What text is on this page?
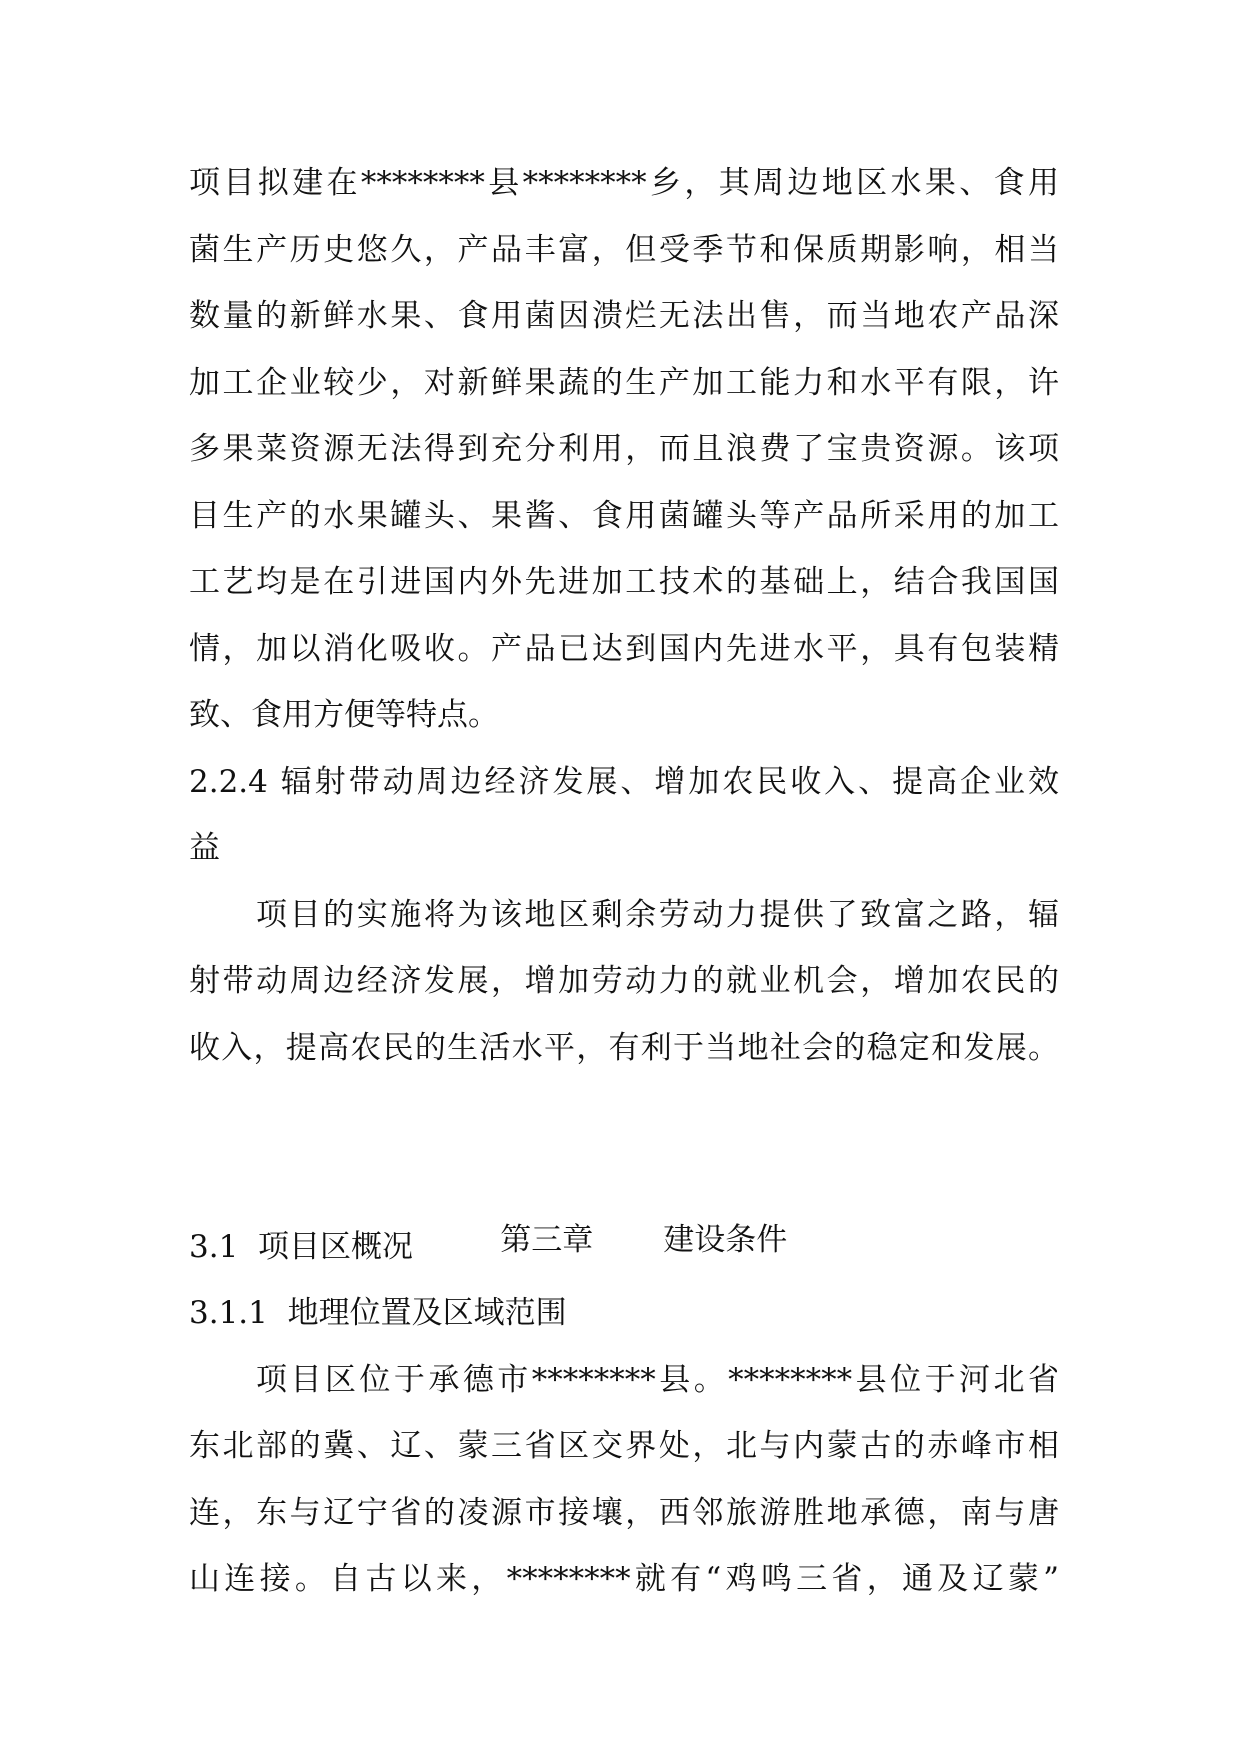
项目拟建在********县********乡，其周边地区水果、食用
菌生产历史悠久，产品丰富，但受季节和保质期影响，相当
数量的新鲜水果、食用菌因溃烂无法出售，而当地农产品深
加工企业较少，对新鲜果蔬的生产加工能力和水平有限，许
多果菜资源无法得到充分利用，而且浪费了宝贵资源。该项
目生产的水果罐头、果酱、食用菌罐头等产品所采用的加工
工艺均是在引进国内外先进加工技术的基础上，结合我国国
情，加以消化吸收。产品已达到国内先进水平，具有包装精
致、食用方便等特点。
2.2.4 辐射带动周边经济发展、增加农民收入、提高企业效
益
项目的实施将为该地区剩余劳动力提供了致富之路，辐
射带动周边经济发展，增加劳动力的就业机会，增加农民的
收入，提高农民的生活水平，有利于当地社会的稳定和发展。

第三章 建设条件

3.1  项目区概况
3.1.1  地理位置及区域范围
项目区位于承德市********县。********县位于河北省
东北部的冀、辽、蒙三省区交界处，北与内蒙古的赤峰市相
连，东与辽宁省的凌源市接壤，西邻旅游胜地承德，南与唐
山连接。自古以来，********就有“鸡鸣三省，通及辽蒙”
